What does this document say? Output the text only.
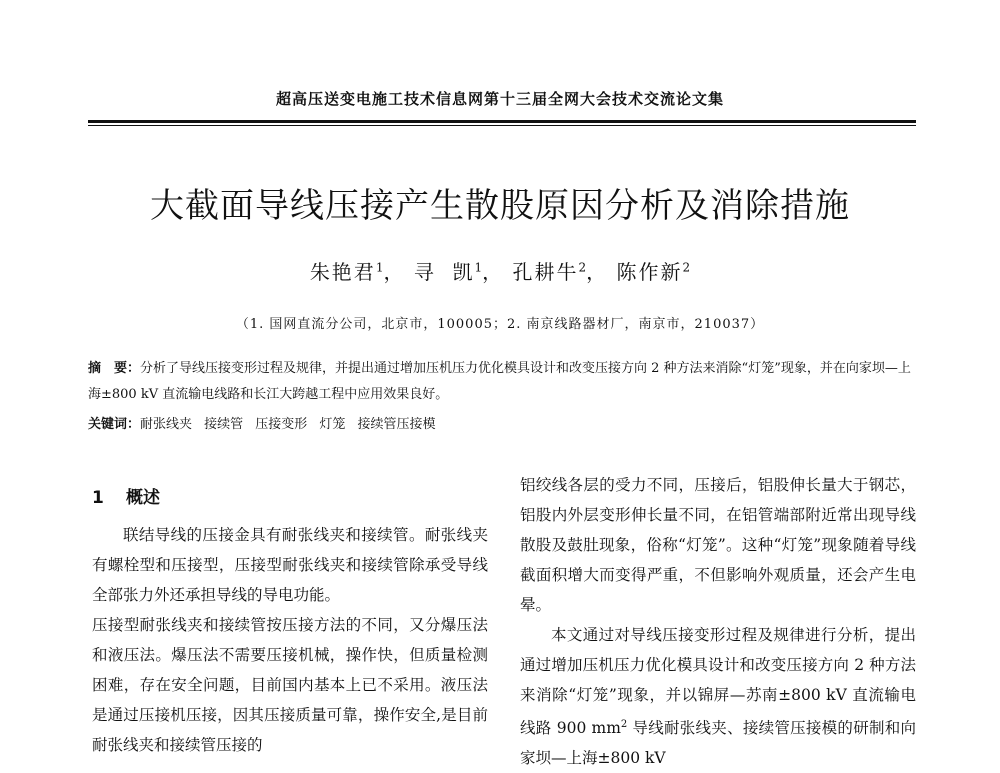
超高压送变电施工技术信息网第十三届全网大会技术交流论文集
大截面导线压接产生散股原因分析及消除措施
朱艳君$^1$， 寻  凯$^1$， 孔耕牛$^2$， 陈作新$^2$
（1. 国网直流分公司，北京市，100005；2. 南京线路器材厂，南京市，210037）
摘　要：分析了导线压接变形过程及规律，并提出通过增加压机压力优化模具设计和改变压接方向 2 种方法来消除“灯笼”现象，并在向家坝—上海±800 kV 直流输电线路和长江大跨越工程中应用效果良好。
关键词：耐张线夹 接续管 压接变形 灯笼 接续管压接模
1 概述

联结导线的压接金具有耐张线夹和接续管。耐张线夹有螺栓型和压接型，压接型耐张线夹和接续管除承受导线全部张力外还承担导线的导电功能。

压接型耐张线夹和接续管按压接方法的不同，又分爆压法和液压法。爆压法不需要压接机械，操作快，但质量检测困难，存在安全问题，目前国内基本上已不采用。液压法是通过压接机压接，因其压接质量可靠，操作安全,是目前耐张线夹和接续管压接的

铝绞线各层的受力不同，压接后，铝股伸长量大于钢芯，铝股内外层变形伸长量不同，在铝管端部附近常出现导线散股及鼓肚现象，俗称“灯笼”。这种“灯笼”现象随着导线截面积增大而变得严重，不但影响外观质量，还会产生电晕。

本文通过对导线压接变形过程及规律进行分析，提出通过增加压机压力优化模具设计和改变压接方向 2 种方法来消除“灯笼”现象，并以锦屏—苏南±800 kV 直流输电线路 900 $mm^2$ 导线耐张线夹、接续管压接模的研制和向家坝—上海±800 kV
